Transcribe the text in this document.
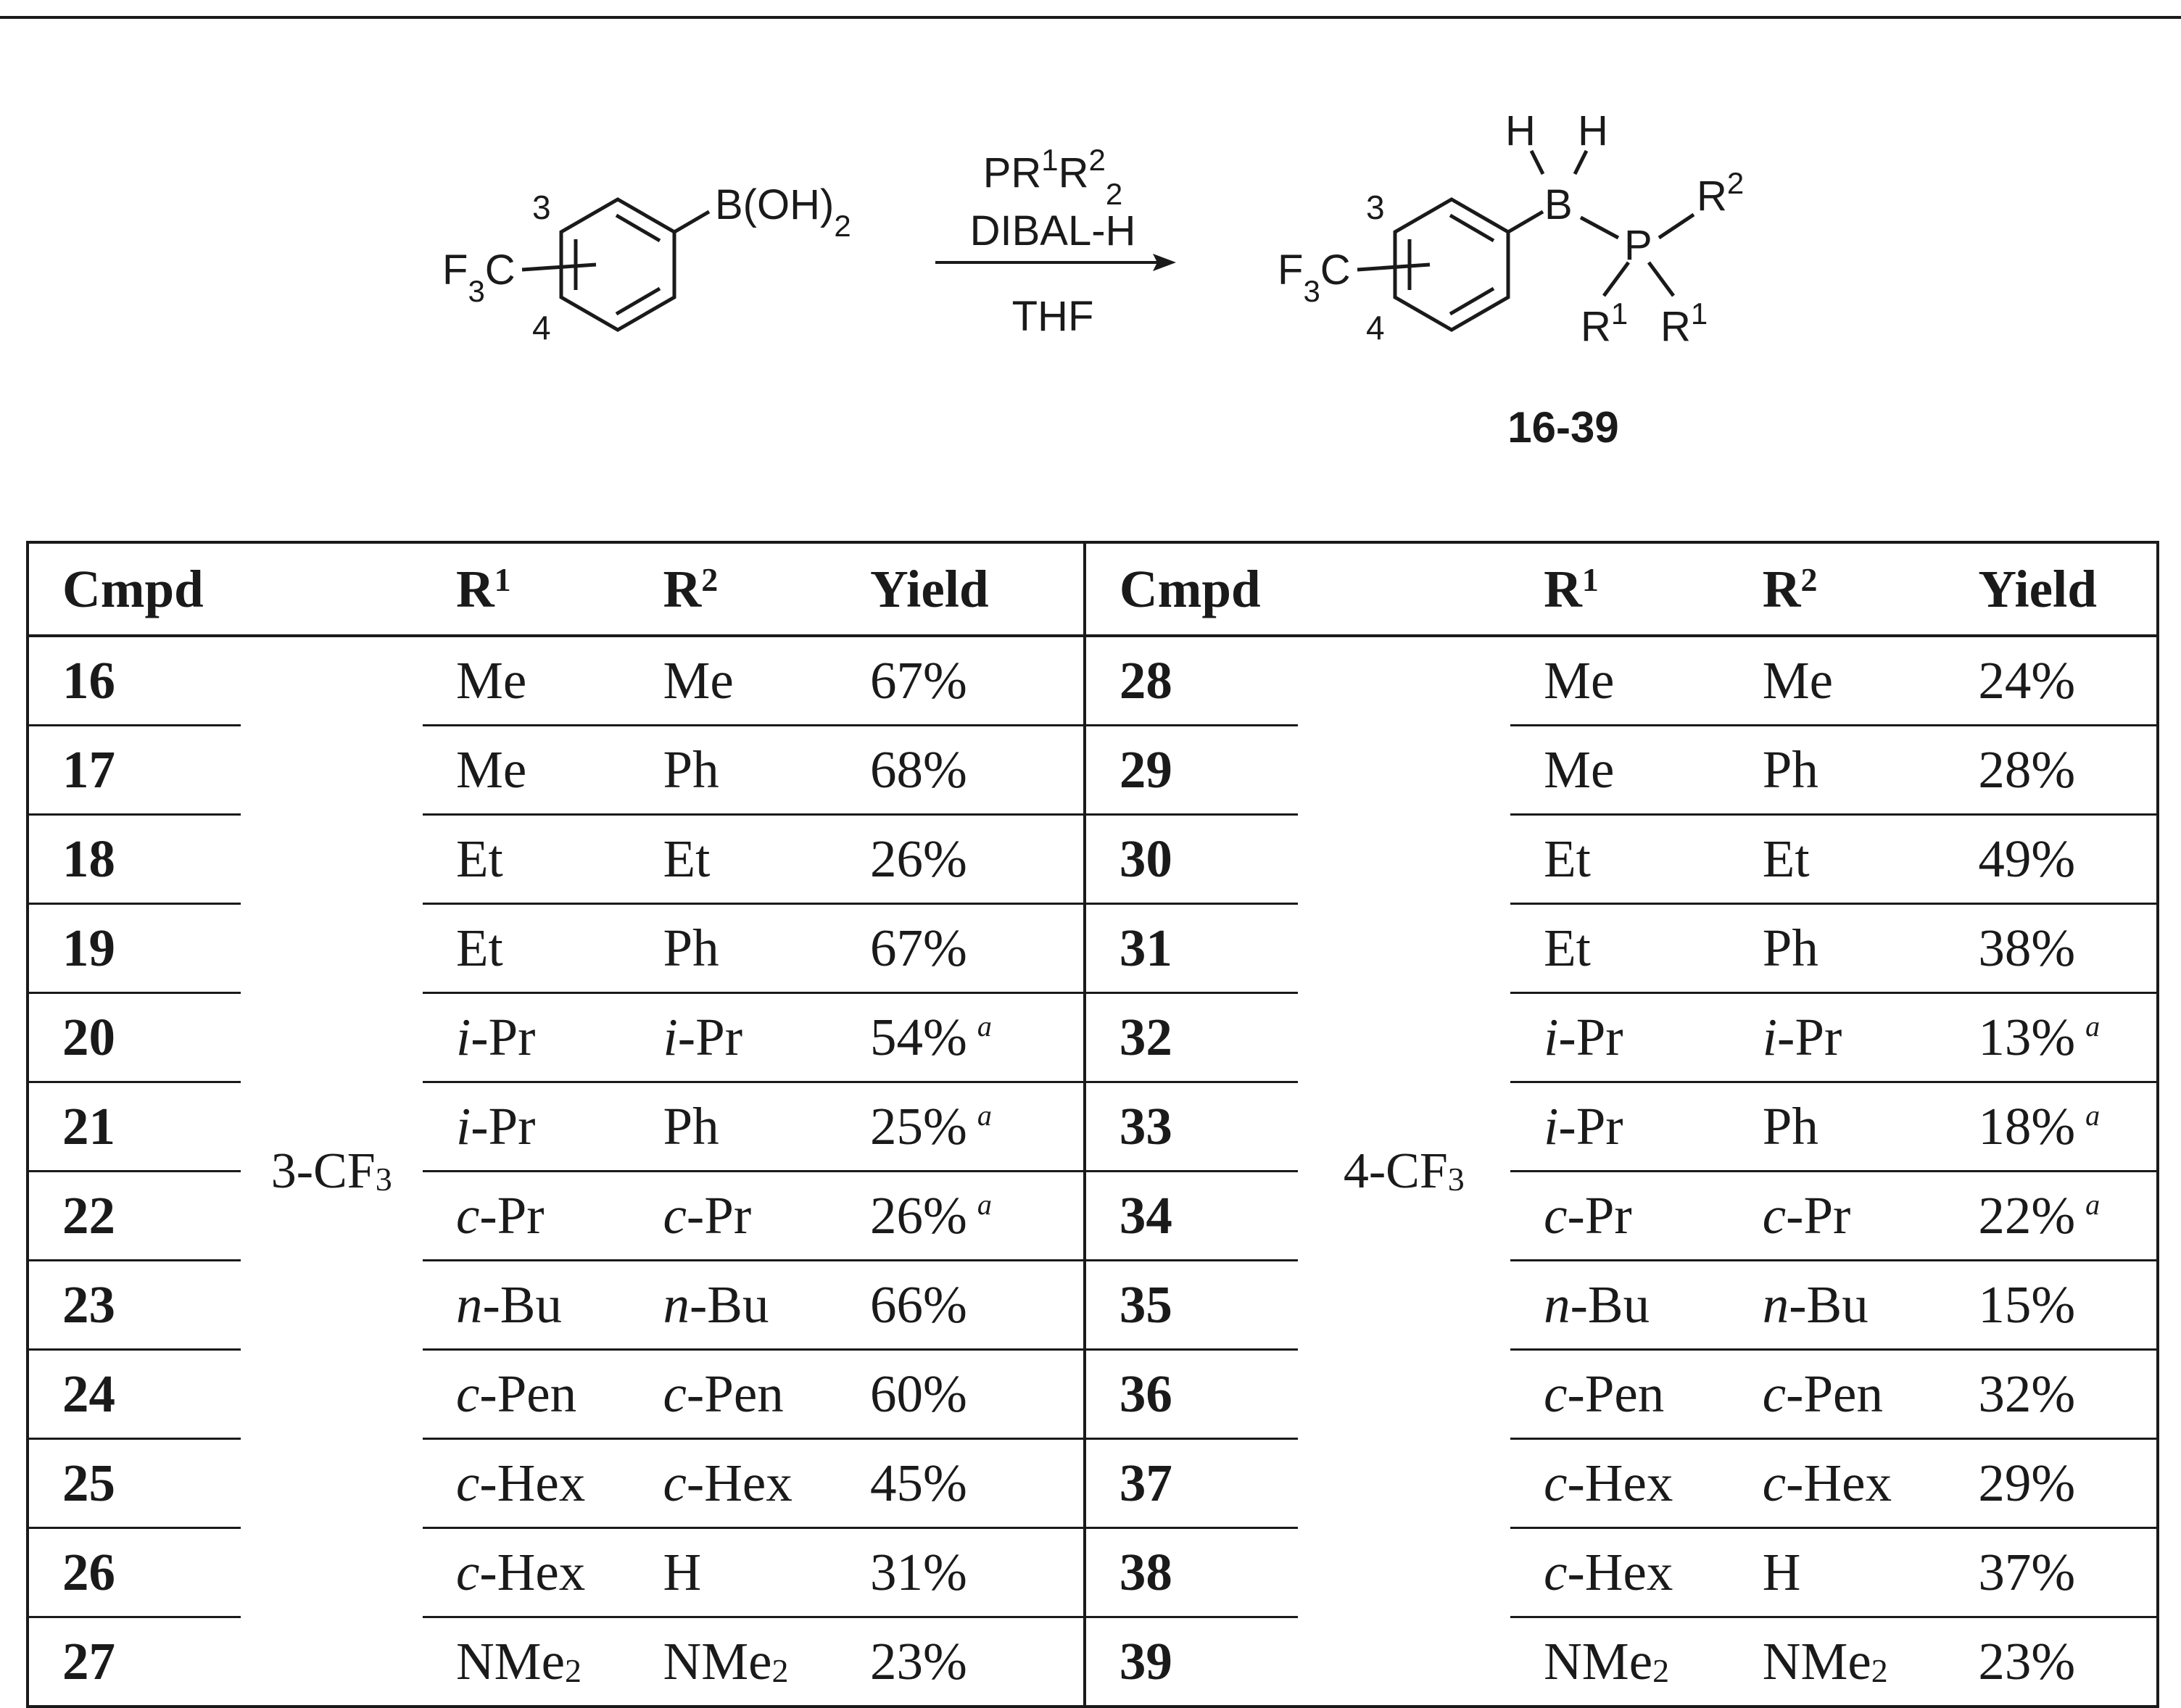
$F_3C$
3
4
$B(OH)_2$
$PR^1R^2_2$
DIBAL-H
THF
$F_3C$
3
4
H H
B
P
$R^2$
$R^1$ $R^1$
16-39
Cmpd		$R^1$	$R^2$	Yield	Cmpd		$R^1$	$R^2$	Yield
16	3-CF3	Me	Me	67%	28	4-CF3	Me	Me	24%
17		Me	Ph	68%	29		Me	Ph	28%
18		Et	Et	26%	30		Et	Et	49%
19		Et	Ph	67%	31		Et	Ph	38%
20		i-Pr	i-Pr	54% $^a$	32		i-Pr	i-Pr	13% $^a$
21		i-Pr	Ph	25% $^a$	33		i-Pr	Ph	18% $^a$
22		c-Pr	c-Pr	26% $^a$	34		c-Pr	c-Pr	22% $^a$
23		n-Bu	n-Bu	66%	35		n-Bu	n-Bu	15%
24		c-Pen	c-Pen	60%	36		c-Pen	c-Pen	32%
25		c-Hex	c-Hex	45%	37		c-Hex	c-Hex	29%
26		c-Hex	H	31%	38		c-Hex	H	37%
27		NMe2	NMe2	23%	39		NMe2	NMe2	23%
